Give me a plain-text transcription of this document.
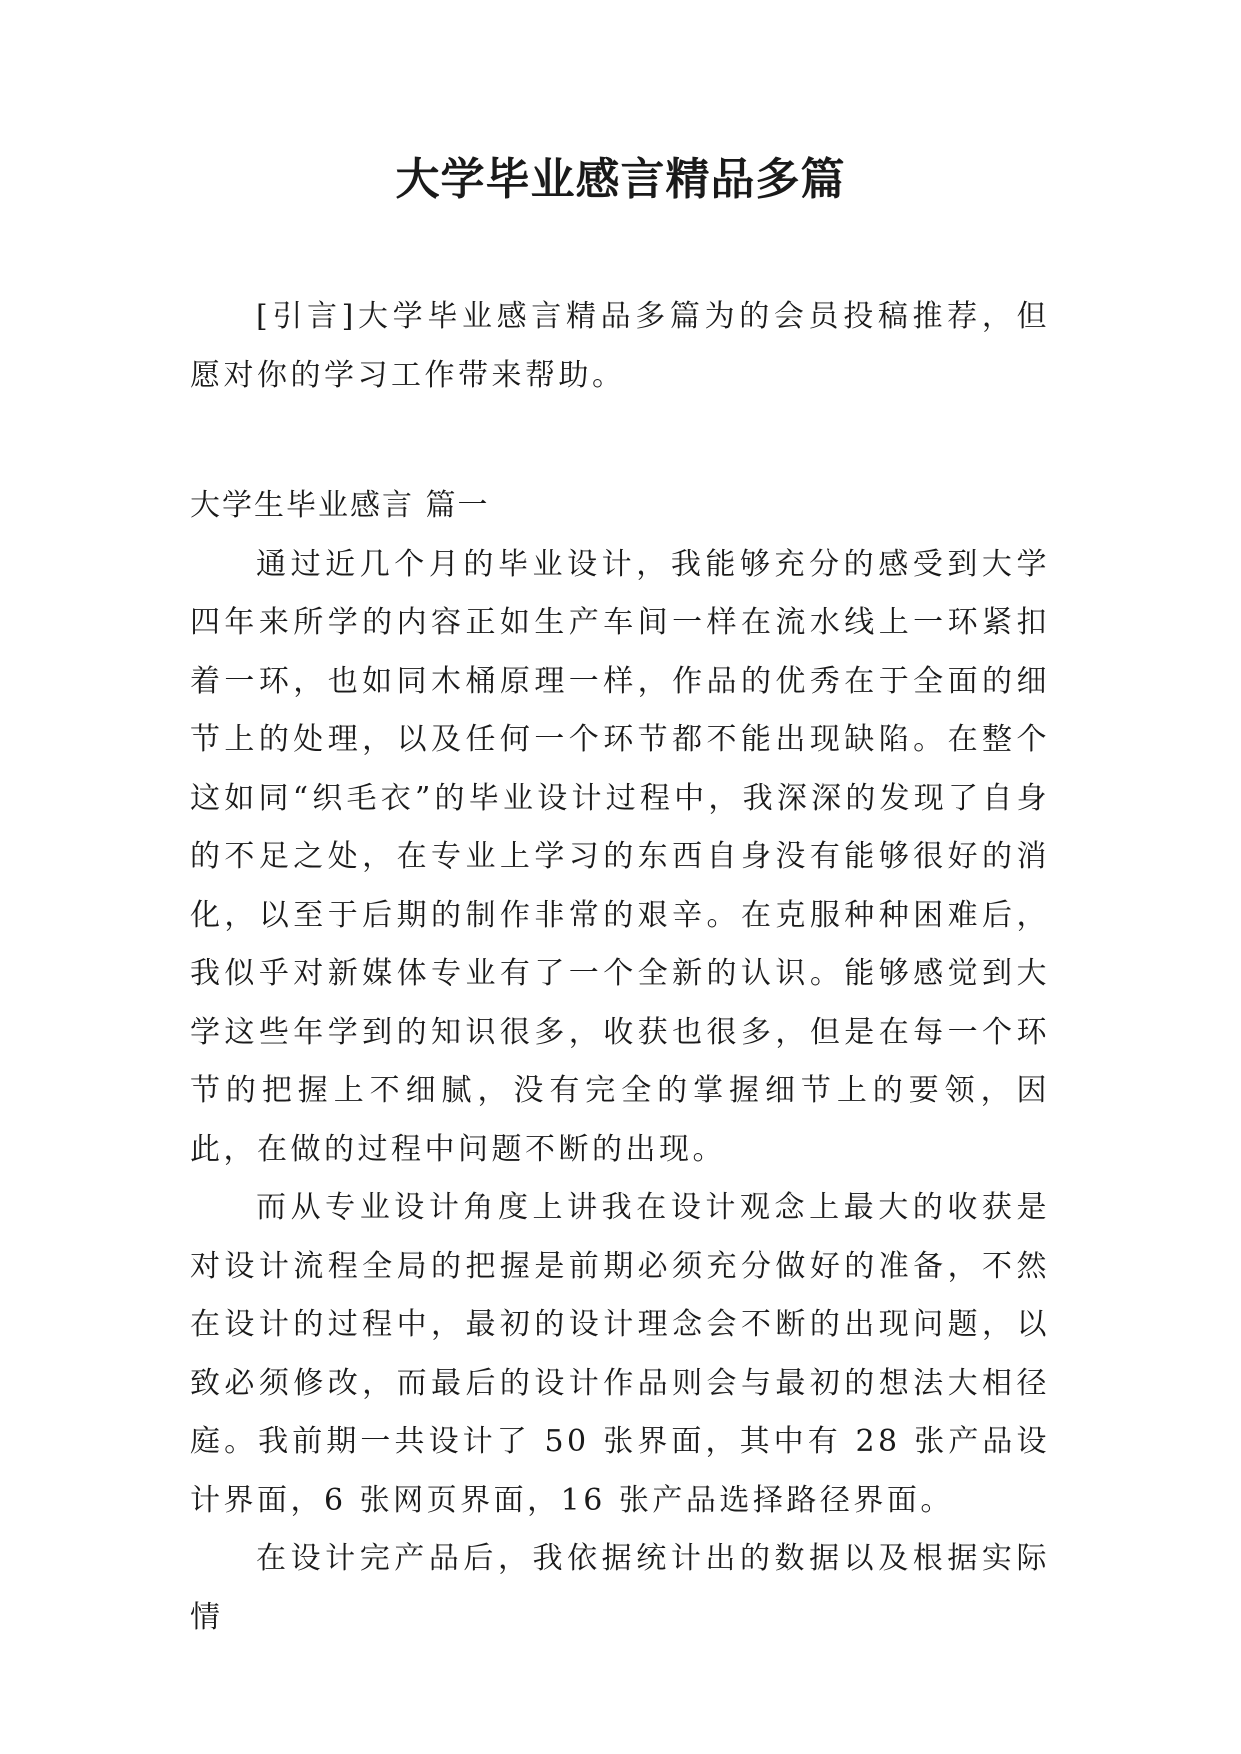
大学毕业感言精品多篇

[引言]大学毕业感言精品多篇为的会员投稿推荐，但愿对你的学习工作带来帮助。

大学生毕业感言 篇一

通过近几个月的毕业设计，我能够充分的感受到大学四年来所学的内容正如生产车间一样在流水线上一环紧扣着一环，也如同木桶原理一样，作品的优秀在于全面的细节上的处理，以及任何一个环节都不能出现缺陷。在整个这如同“织毛衣”的毕业设计过程中，我深深的发现了自身的不足之处，在专业上学习的东西自身没有能够很好的消化，以至于后期的制作非常的艰辛。在克服种种困难后，我似乎对新媒体专业有了一个全新的认识。能够感觉到大学这些年学到的知识很多，收获也很多，但是在每一个环节的把握上不细腻，没有完全的掌握细节上的要领，因此，在做的过程中问题不断的出现。

而从专业设计角度上讲我在设计观念上最大的收获是对设计流程全局的把握是前期必须充分做好的准备，不然在设计的过程中，最初的设计理念会不断的出现问题，以致必须修改，而最后的设计作品则会与最初的想法大相径庭。我前期一共设计了 50 张界面，其中有 28 张产品设计界面，6 张网页界面，16 张产品选择路径界面。

在设计完产品后，我依据统计出的数据以及根据实际情
